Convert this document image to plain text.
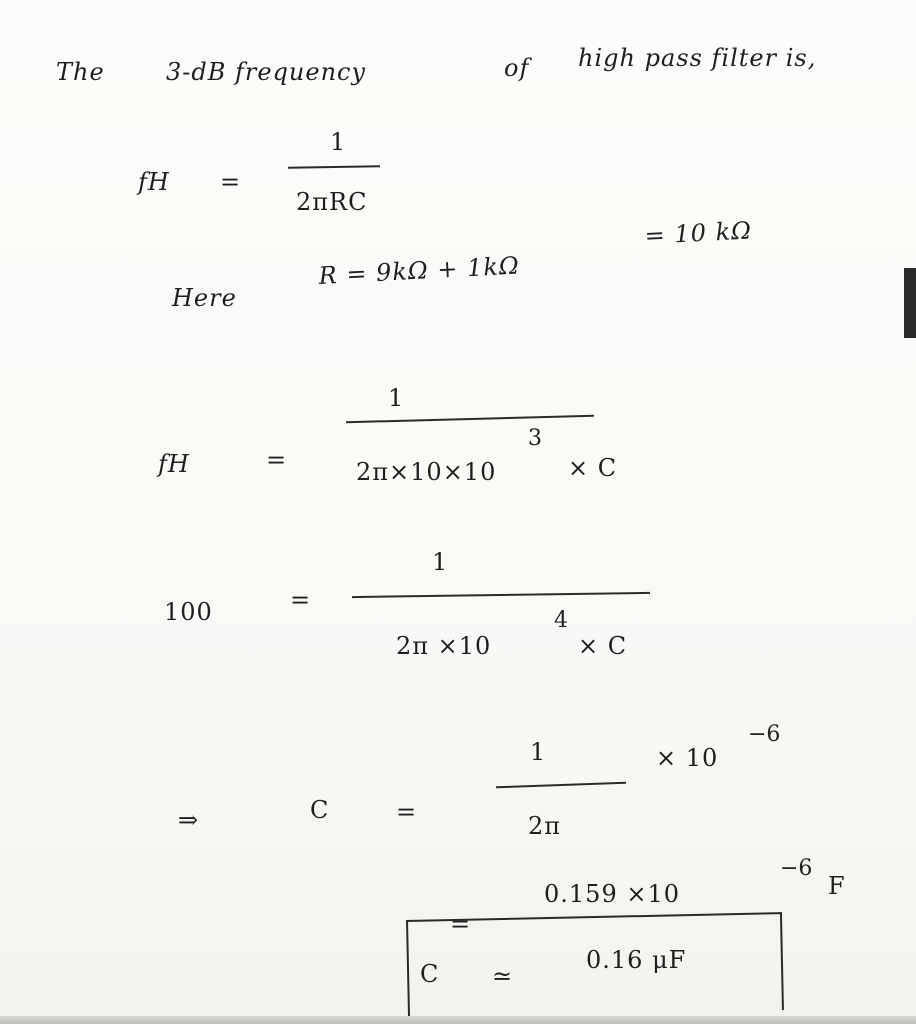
The	3-dB frequency	of high pass filter is,
fH =
1
2πRC
Here
R = 9kΩ + 1kΩ
= 10 kΩ
fH	=
1
2π×10×10
3
× C
100	=
1
2π ×10
4
× C
⇒	C	=
1
2π
× 10
−6
=
0.159 ×10
−6
F
C ≃
0.16 μF
